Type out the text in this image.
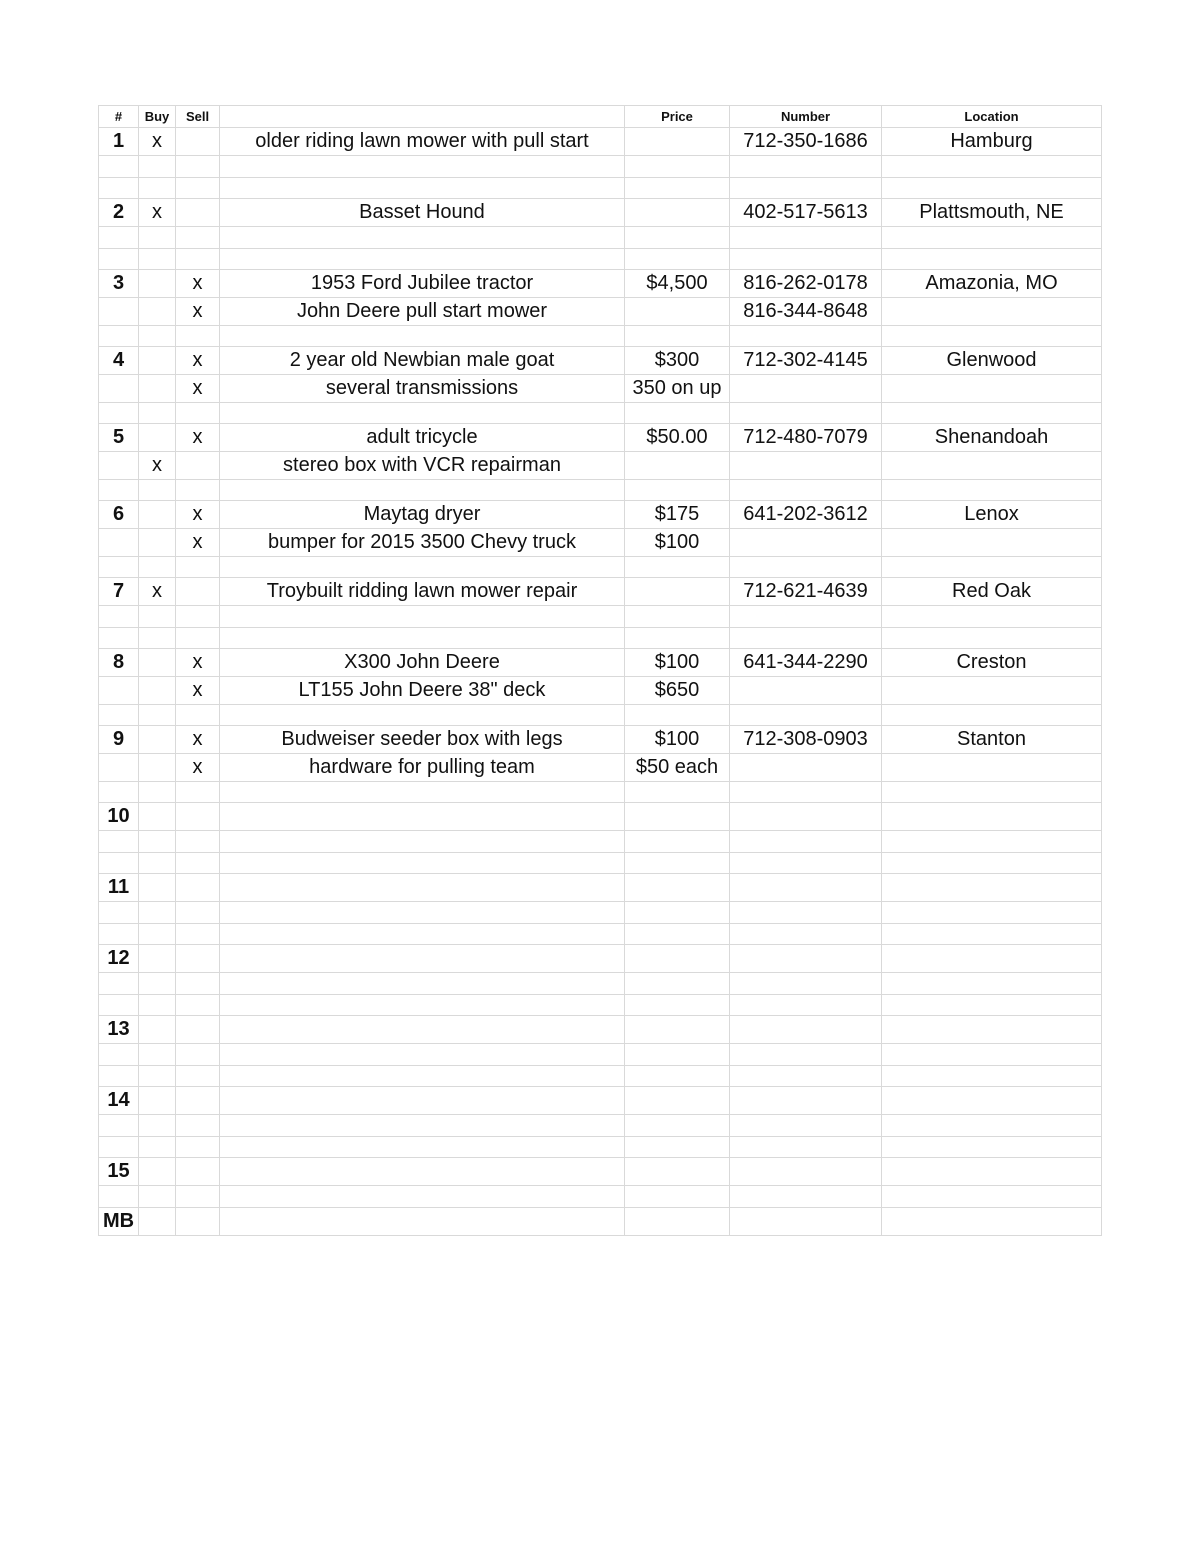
#	Buy	Sell		Price	Number	Location
1	x		older riding lawn mower with pull start		712-350-1686	Hamburg

2	x		Basset Hound		402-517-5613	Plattsmouth, NE

3		x	1953 Ford Jubilee tractor	$4,500	816-262-0178	Amazonia, MO
		x	John Deere pull start mower		816-344-8648	

4		x	2 year old Newbian male goat	$300	712-302-4145	Glenwood
		x	several transmissions	350 on up		

5		x	adult tricycle	$50.00	712-480-7079	Shenandoah
	x		stereo box with VCR repairman			

6		x	Maytag dryer	$175	641-202-3612	Lenox
		x	bumper for 2015 3500 Chevy truck	$100		

7	x		Troybuilt ridding lawn mower repair		712-621-4639	Red Oak

8		x	X300 John Deere	$100	641-344-2290	Creston
		x	LT155 John Deere 38" deck	$650		

9		x	Budweiser seeder box with legs	$100	712-308-0903	Stanton
		x	hardware for pulling team	$50 each		

10						

11						

12						

13						

14						

15						

MB						
